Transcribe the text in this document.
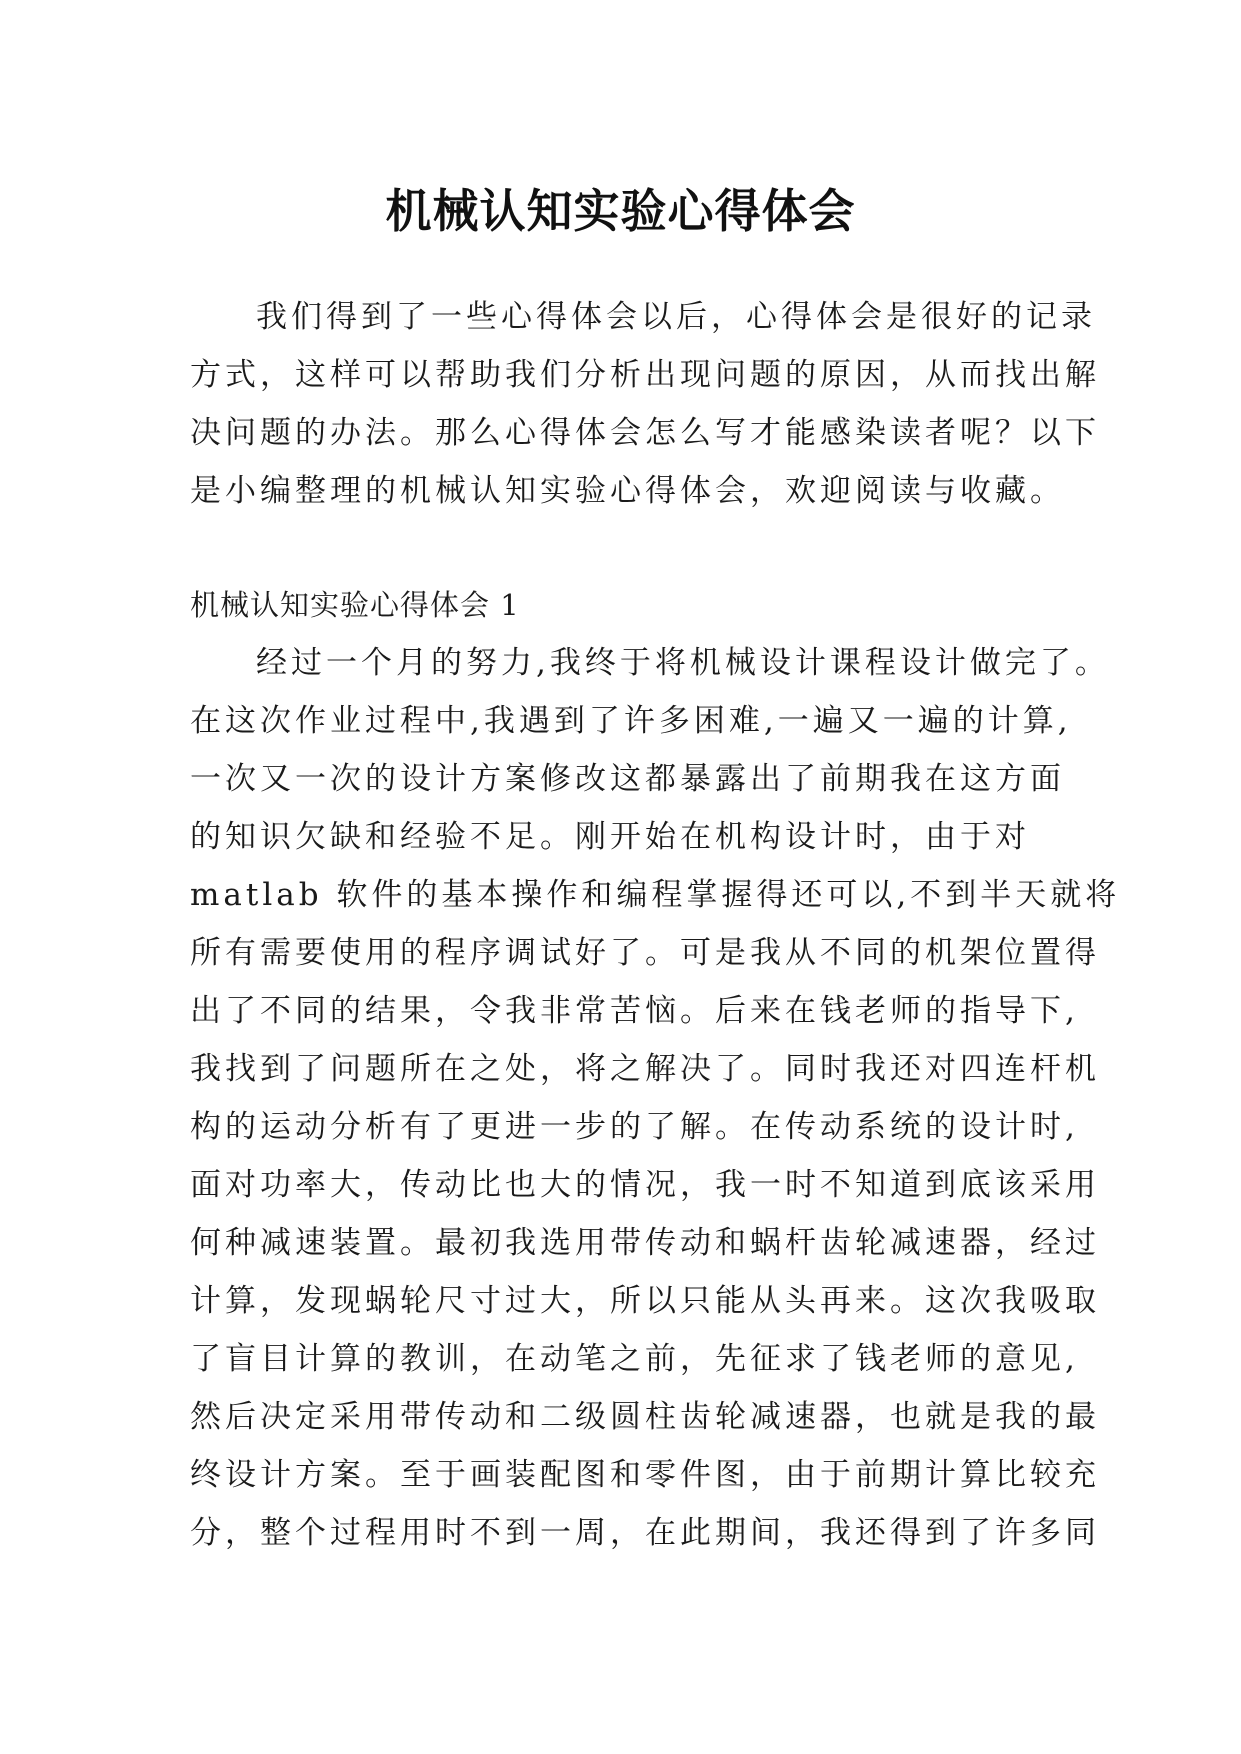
机械认知实验心得体会
我们得到了一些心得体会以后，心得体会是很好的记录
方式，这样可以帮助我们分析出现问题的原因，从而找出解
决问题的办法。那么心得体会怎么写才能感染读者呢？以下
是小编整理的机械认知实验心得体会，欢迎阅读与收藏。
机械认知实验心得体会 1
经过一个月的努力,我终于将机械设计课程设计做完了。
在这次作业过程中,我遇到了许多困难,一遍又一遍的计算,
一次又一次的设计方案修改这都暴露出了前期我在这方面
的知识欠缺和经验不足。刚开始在机构设计时，由于对
matlab 软件的基本操作和编程掌握得还可以,不到半天就将
所有需要使用的程序调试好了。可是我从不同的机架位置得
出了不同的结果，令我非常苦恼。后来在钱老师的指导下,
我找到了问题所在之处，将之解决了。同时我还对四连杆机
构的运动分析有了更进一步的了解。在传动系统的设计时,
面对功率大，传动比也大的情况，我一时不知道到底该采用
何种减速装置。最初我选用带传动和蜗杆齿轮减速器，经过
计算，发现蜗轮尺寸过大，所以只能从头再来。这次我吸取
了盲目计算的教训，在动笔之前，先征求了钱老师的意见,
然后决定采用带传动和二级圆柱齿轮减速器，也就是我的最
终设计方案。至于画装配图和零件图，由于前期计算比较充
分，整个过程用时不到一周，在此期间，我还得到了许多同
